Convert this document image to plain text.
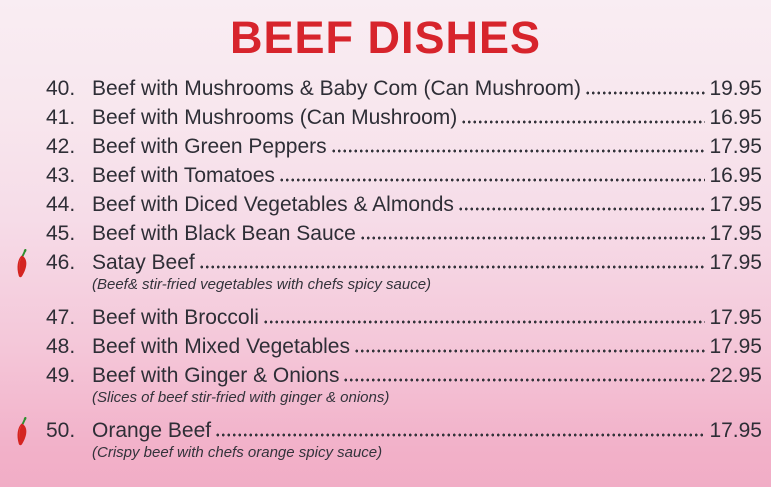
BEEF DISHES
40. Beef with Mushrooms & Baby Com (Can Mushroom)	19.95
41. Beef with Mushrooms (Can Mushroom)	16.95
42. Beef with Green Peppers	17.95
43. Beef with Tomatoes	16.95
44. Beef with Diced Vegetables & Almonds	17.95
45. Beef with Black Bean Sauce	17.95
46. Satay Beef	17.95
(Beef& stir-fried vegetables with chefs spicy sauce)
47. Beef with Broccoli	17.95
48. Beef with Mixed Vegetables	17.95
49. Beef with Ginger & Onions	22.95
(Slices of beef stir-fried with ginger & onions)
50. Orange Beef	17.95
(Crispy beef with chefs orange spicy sauce)
